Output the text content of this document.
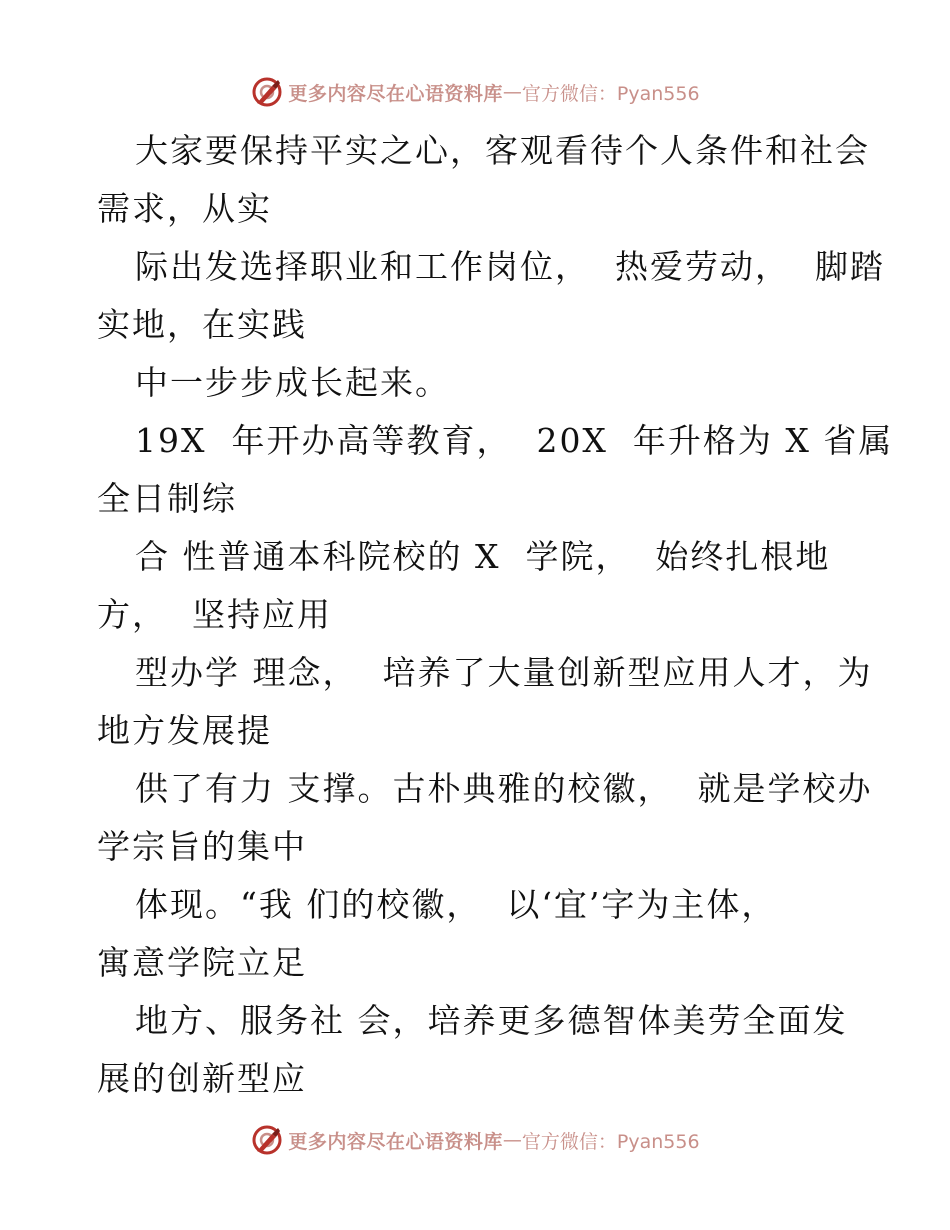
更多内容尽在心语资料库 — 官方微信：Pyan556
大家要保持平实之心，客观看待个人条件和社会
需求，从实
际出发选择职业和工作岗位，  热爱劳动，  脚踏
实地，在实践
中一步步成长起来。
19X  年开办高等教育，  20X  年升格为 X 省属
全日制综
合 性普通本科院校的 X  学院，  始终扎根地
方，  坚持应用
型办学 理念，  培养了大量创新型应用人才，为
地方发展提
供了有力 支撑。古朴典雅的校徽，  就是学校办
学宗旨的集中
体现。“我 们的校徽，  以‘宜’字为主体，
寓意学院立足
地方、服务社 会，培养更多德智体美劳全面发
展的创新型应
更多内容尽在心语资料库 — 官方微信：Pyan556
